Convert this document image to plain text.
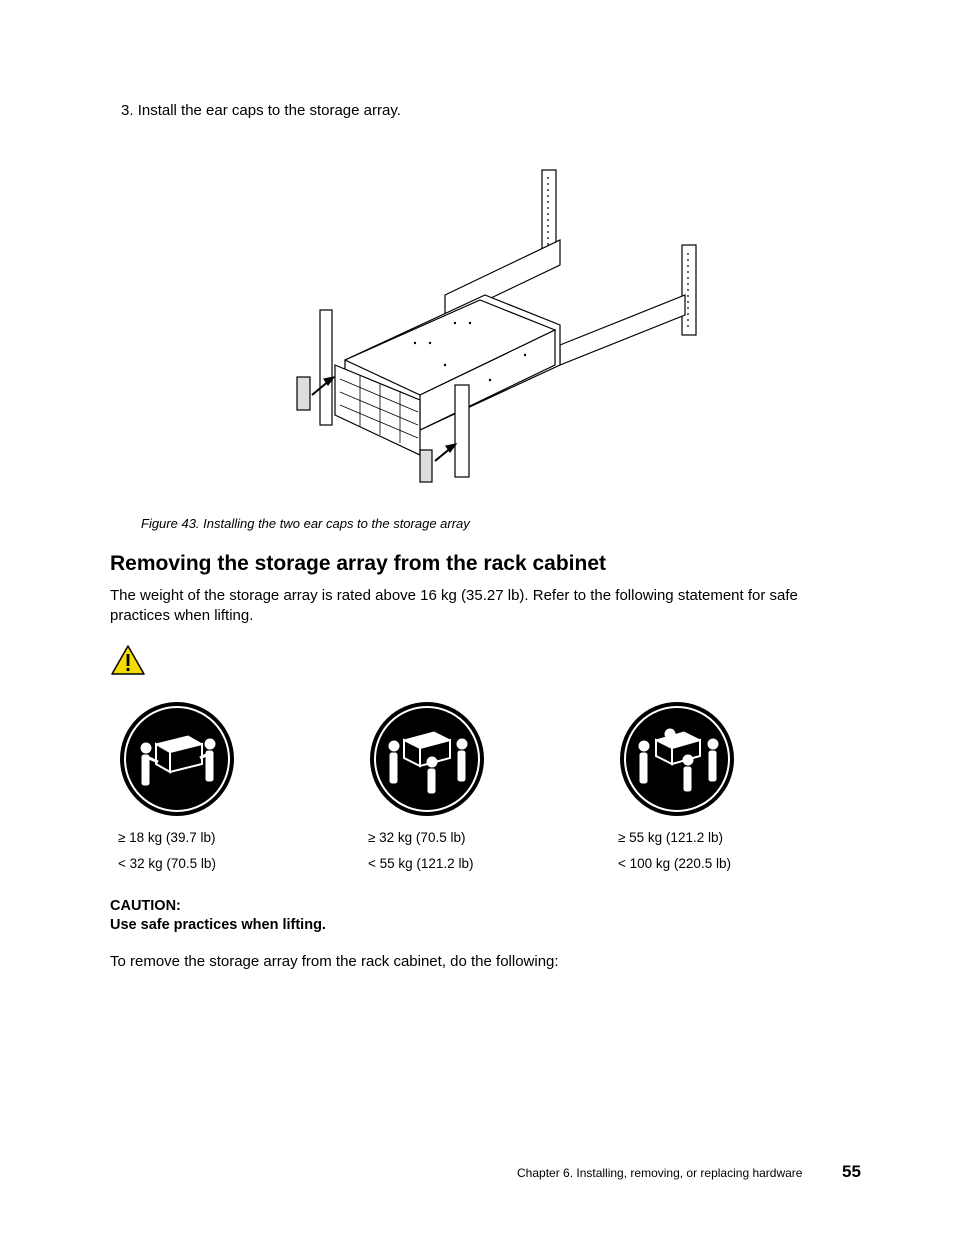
3. Install the ear caps to the storage array.
Figure 43. Installing the two ear caps to the storage array
Removing the storage array from the rack cabinet

The weight of the storage array is rated above 16 kg (35.27 lb). Refer to the following statement for safe practices when lifting.

≥ 18 kg (39.7 lb)
< 32 kg (70.5 lb)
≥ 32 kg (70.5 lb)
< 55 kg (121.2 lb)
≥ 55 kg (121.2 lb)
< 100 kg (220.5 lb)
CAUTION:
Use safe practices when lifting.
To remove the storage array from the rack cabinet, do the following:
Chapter 6. Installing, removing, or replacing hardware 55
